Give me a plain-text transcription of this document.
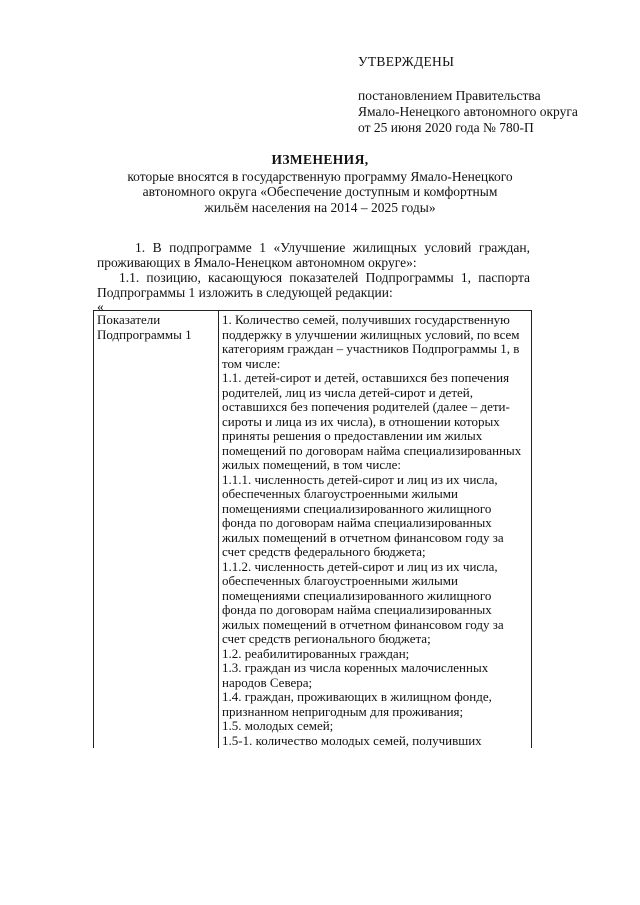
УТВЕРЖДЕНЫ
постановлением Правительства
Ямало-Ненецкого автономного округа
от 25 июня 2020 года № 780-П
ИЗМЕНЕНИЯ,
которые вносятся в государственную программу Ямало-Ненецкого
автономного округа «Обеспечение доступным и комфортным
жильём населения на 2014 – 2025 годы»
1. В подпрограмме 1 «Улучшение жилищных условий граждан,
проживающих в Ямало-Ненецком автономном округе»:
1.1. позицию, касающуюся показателей Подпрограммы 1, паспорта
Подпрограммы 1 изложить в следующей редакции:
«
Показатели Подпрограммы 1	
1. Количество семей, получивших государственную поддержку в улучшении жилищных условий, по всем категориям граждан – участников Подпрограммы 1, в том числе:
1.1. детей-сирот и детей, оставшихся без попечения родителей, лиц из числа детей-сирот и детей, оставшихся без попечения родителей (далее – дети-сироты и лица из их числа), в отношении которых приняты решения о предоставлении им жилых помещений по договорам найма специализированных жилых помещений, в том числе:
1.1.1. численность детей-сирот и лиц из их числа, обеспеченных благоустроенными жилыми помещениями специализированного жилищного фонда по договорам найма специализированных жилых помещений в отчетном финансовом году за счет средств федерального бюджета;
1.1.2. численность детей-сирот и лиц из их числа, обеспеченных благоустроенными жилыми помещениями специализированного жилищного фонда по договорам найма специализированных жилых помещений в отчетном финансовом году за счет средств регионального бюджета;
1.2. реабилитированных граждан;
1.3. граждан из числа коренных малочисленных народов Севера;
1.4. граждан, проживающих в жилищном фонде, признанном непригодным для проживания;
1.5. молодых семей;
1.5-1. количество молодых семей, получивших
